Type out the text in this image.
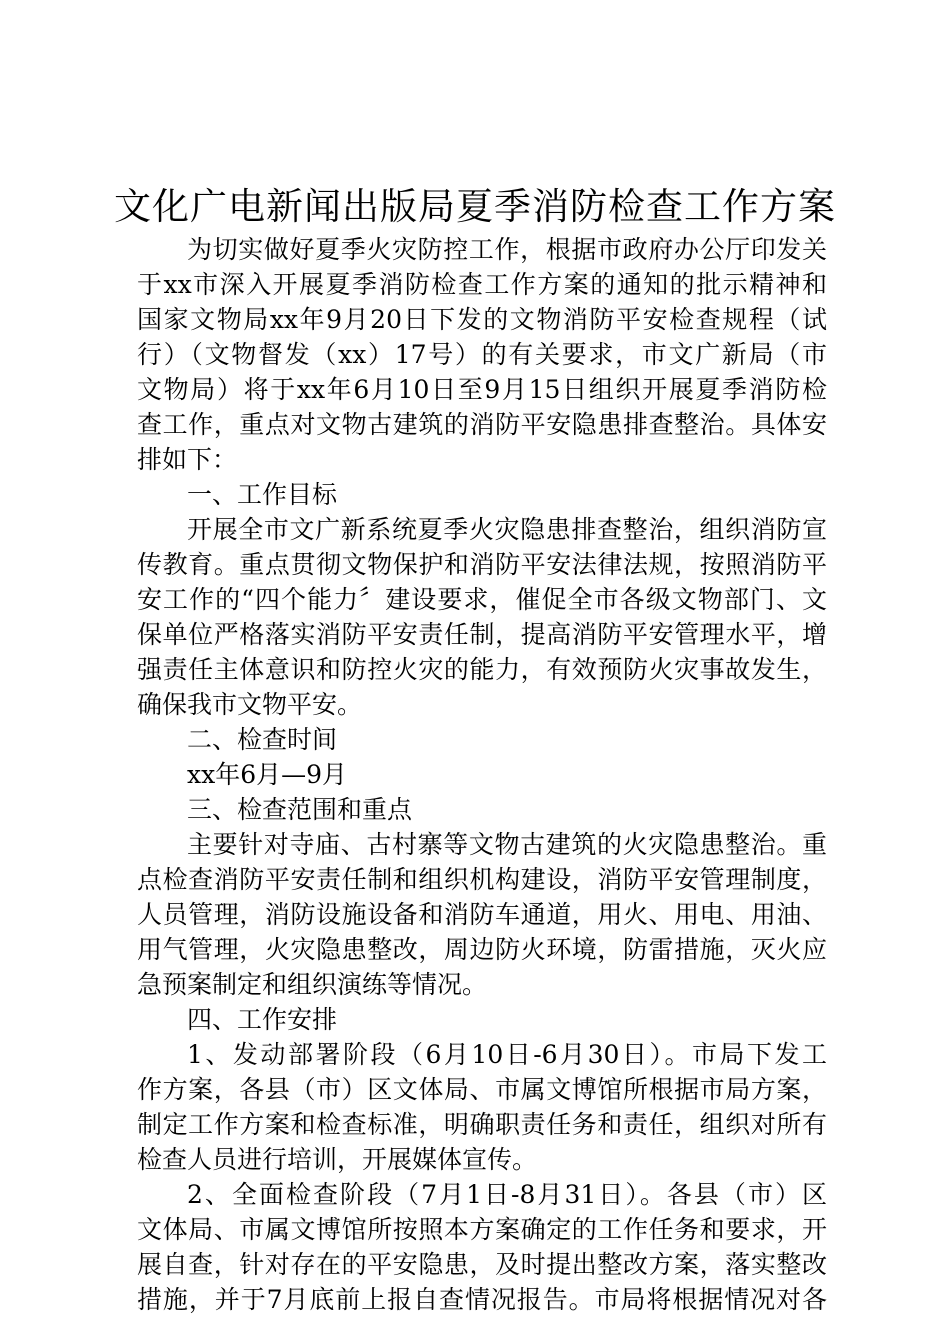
文化广电新闻出版局夏季消防检查工作方案

为切实做好夏季火灾防控工作，根据市政府办公厅印发关

于xx市深入开展夏季消防检查工作方案的通知的批示精神和

国家文物局xx年9月20日下发的文物消防平安检查规程（试

行）（文物督发（xx）17号）的有关要求，市文广新局（市

文物局）将于xx年6月10日至9月15日组织开展夏季消防检

查工作，重点对文物古建筑的消防平安隐患排查整治。具体安

排如下：

一、工作目标

开展全市文广新系统夏季火灾隐患排查整治，组织消防宣

传教育。重点贯彻文物保护和消防平安法律法规，按照消防平

安工作的“四个能力〞建设要求，催促全市各级文物部门、文

保单位严格落实消防平安责任制，提高消防平安管理水平，增

强责任主体意识和防控火灾的能力，有效预防火灾事故发生，

确保我市文物平安。

二、检查时间

xx年6月—9月

三、检查范围和重点

主要针对寺庙、古村寨等文物古建筑的火灾隐患整治。重

点检查消防平安责任制和组织机构建设，消防平安管理制度，

人员管理，消防设施设备和消防车通道，用火、用电、用油、

用气管理，火灾隐患整改，周边防火环境，防雷措施，灭火应

急预案制定和组织演练等情况。

四、工作安排

1、发动部署阶段（6月10日-6月30日）。市局下发工

作方案，各县（市）区文体局、市属文博馆所根据市局方案，

制定工作方案和检查标准，明确职责任务和责任，组织对所有

检查人员进行培训，开展媒体宣传。

2、全面检查阶段（7月1日-8月31日）。各县（市）区

文体局、市属文博馆所按照本方案确定的工作任务和要求，开

展自查，针对存在的平安隐患，及时提出整改方案，落实整改

措施，并于7月底前上报自查情况报告。市局将根据情况对各
